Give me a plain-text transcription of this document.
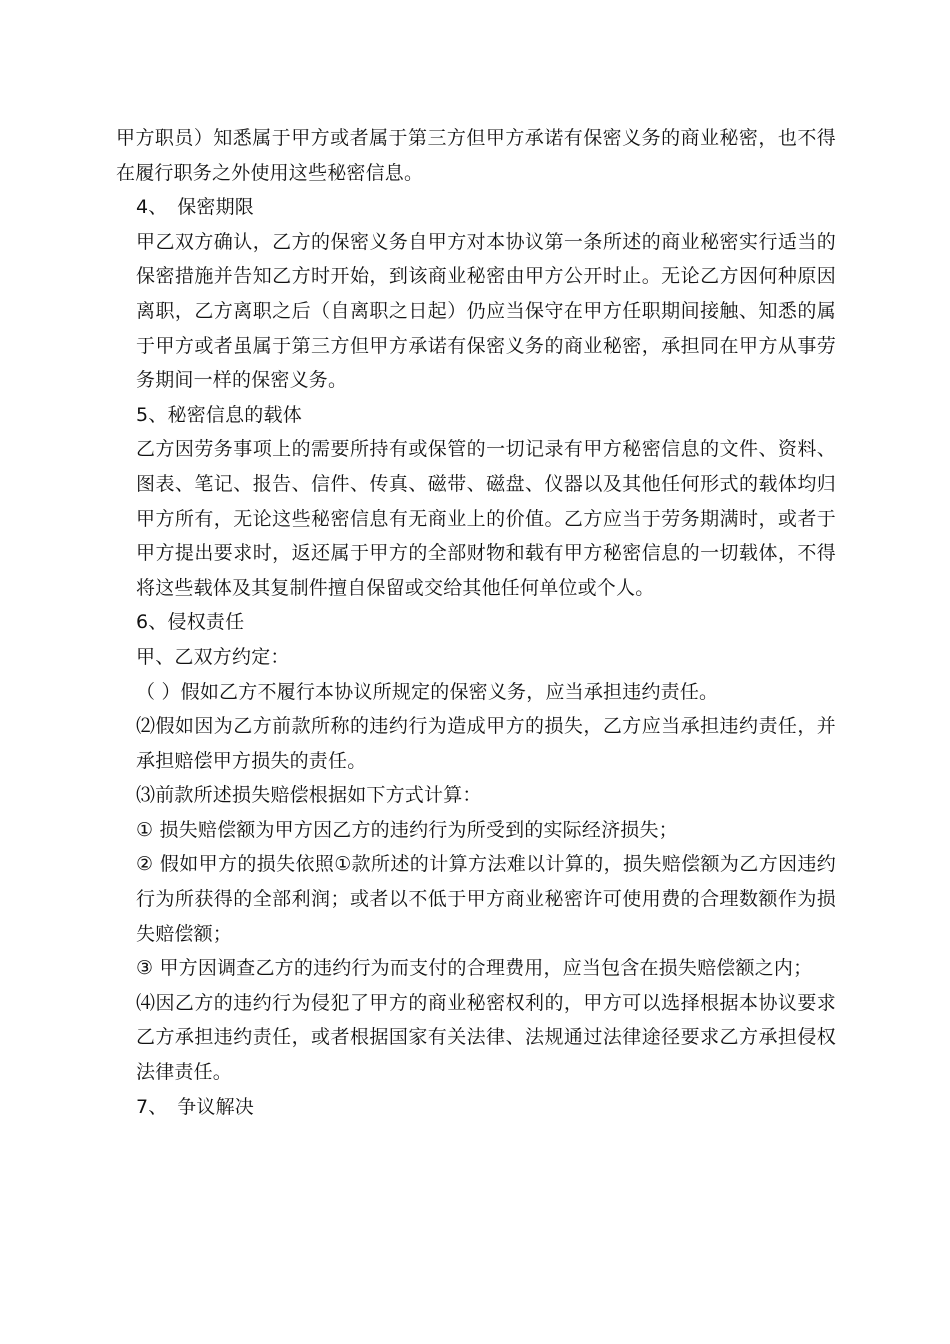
甲方职员）知悉属于甲方或者属于第三方但甲方承诺有保密义务的商业秘密，也不得在履行职务之外使用这些秘密信息。

4、　保密期限

甲乙双方确认，乙方的保密义务自甲方对本协议第一条所述的商业秘密实行适当的保密措施并告知乙方时开始，到该商业秘密由甲方公开时止。无论乙方因何种原因离职，乙方离职之后（自离职之日起）仍应当保守在甲方任职期间接触、知悉的属于甲方或者虽属于第三方但甲方承诺有保密义务的商业秘密，承担同在甲方从事劳务期间一样的保密义务。

5、秘密信息的载体

乙方因劳务事项上的需要所持有或保管的一切记录有甲方秘密信息的文件、资料、图表、笔记、报告、信件、传真、磁带、磁盘、仪器以及其他任何形式的载体均归甲方所有，无论这些秘密信息有无商业上的价值。乙方应当于劳务期满时，或者于甲方提出要求时，返还属于甲方的全部财物和载有甲方秘密信息的一切载体，不得将这些载体及其复制件擅自保留或交给其他任何单位或个人。

6、侵权责任

甲、乙双方约定：

（ ）假如乙方不履行本协议所规定的保密义务，应当承担违约责任。

⑵假如因为乙方前款所称的违约行为造成甲方的损失，乙方应当承担违约责任，并承担赔偿甲方损失的责任。

⑶前款所述损失赔偿根据如下方式计算：

① 损失赔偿额为甲方因乙方的违约行为所受到的实际经济损失；

② 假如甲方的损失依照①款所述的计算方法难以计算的，损失赔偿额为乙方因违约行为所获得的全部利润；或者以不低于甲方商业秘密许可使用费的合理数额作为损失赔偿额；

③ 甲方因调查乙方的违约行为而支付的合理费用，应当包含在损失赔偿额之内；

⑷因乙方的违约行为侵犯了甲方的商业秘密权利的，甲方可以选择根据本协议要求乙方承担违约责任，或者根据国家有关法律、法规通过法律途径要求乙方承担侵权法律责任。

7、　争议解决
